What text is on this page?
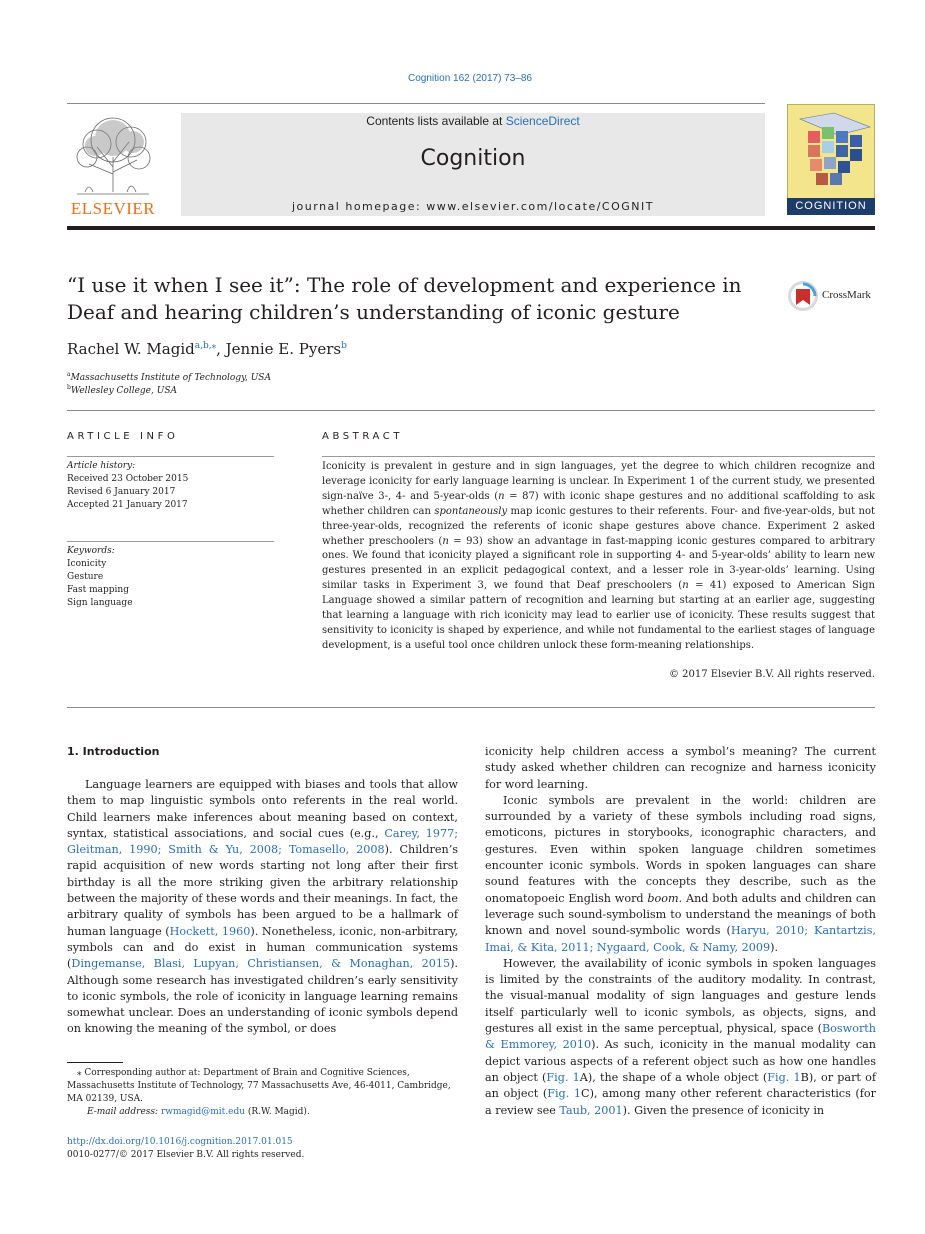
Cognition 162 (2017) 73–86
ELSEVIER
Contents lists available at ScienceDirect
Cognition
journal homepage: www.elsevier.com/locate/COGNIT	COGNITION
“I use it when I see it”: The role of development and experience in Deaf and hearing children’s understanding of iconic gesture
CrossMark
Rachel W. Magid$^{a,b,⁎}$, Jennie E. Pyers$^b$
$^a$Massachusetts Institute of Technology, USA
$^b$Wellesley College, USA
ARTICLE INFO
Article history:
Received 23 October 2015
Revised 6 January 2017
Accepted 21 January 2017
Keywords:
Iconicity
Gesture
Fast mapping
Sign language
ABSTRACT
Iconicity is prevalent in gesture and in sign languages, yet the degree to which children recognize and leverage iconicity for early language learning is unclear. In Experiment 1 of the current study, we presented sign-naïve 3-, 4- and 5-year-olds (n = 87) with iconic shape gestures and no additional scaffolding to ask whether children can spontaneously map iconic gestures to their referents. Four- and five-year-olds, but not three-year-olds, recognized the referents of iconic shape gestures above chance. Experiment 2 asked whether preschoolers (n = 93) show an advantage in fast-mapping iconic gestures compared to arbitrary ones. We found that iconicity played a significant role in supporting 4- and 5-year-olds’ ability to learn new gestures presented in an explicit pedagogical context, and a lesser role in 3-year-olds’ learning. Using similar tasks in Experiment 3, we found that Deaf preschoolers (n = 41) exposed to American Sign Language showed a similar pattern of recognition and learning but starting at an earlier age, suggesting that learning a language with rich iconicity may lead to earlier use of iconicity. These results suggest that sensitivity to iconicity is shaped by experience, and while not fundamental to the earliest stages of language development, is a useful tool once children unlock these form-meaning relationships.
© 2017 Elsevier B.V. All rights reserved.
1. Introduction

Language learners are equipped with biases and tools that allow them to map linguistic symbols onto referents in the real world. Child learners make inferences about meaning based on context, syntax, statistical associations, and social cues (e.g., Carey, 1977; Gleitman, 1990; Smith & Yu, 2008; Tomasello, 2008). Children’s rapid acquisition of new words starting not long after their first birthday is all the more striking given the arbitrary relationship between the majority of these words and their meanings. In fact, the arbitrary quality of symbols has been argued to be a hallmark of human language (Hockett, 1960). Nonetheless, iconic, non-arbitrary, symbols can and do exist in human communication systems (Dingemanse, Blasi, Lupyan, Christiansen, & Monaghan, 2015). Although some research has investigated children’s early sensitivity to iconic symbols, the role of iconicity in language learning remains somewhat unclear. Does an understanding of iconic symbols depend on knowing the meaning of the symbol, or does

iconicity help children access a symbol’s meaning? The current study asked whether children can recognize and harness iconicity for word learning.

Iconic symbols are prevalent in the world: children are surrounded by a variety of these symbols including road signs, emoticons, pictures in storybooks, iconographic characters, and gestures. Even within spoken language children sometimes encounter iconic symbols. Words in spoken languages can share sound features with the concepts they describe, such as the onomatopoeic English word boom. And both adults and children can leverage such sound-symbolism to understand the meanings of both known and novel sound-symbolic words (Haryu, 2010; Kantartzis, Imai, & Kita, 2011; Nygaard, Cook, & Namy, 2009).

However, the availability of iconic symbols in spoken languages is limited by the constraints of the auditory modality. In contrast, the visual-manual modality of sign languages and gesture lends itself particularly well to iconic symbols, as objects, signs, and gestures all exist in the same perceptual, physical, space (Bosworth & Emmorey, 2010). As such, iconicity in the manual modality can depict various aspects of a referent object such as how one handles an object (Fig. 1A), the shape of a whole object (Fig. 1B), or part of an object (Fig. 1C), among many other referent characteristics (for a review see Taub, 2001). Given the presence of iconicity in

⁎ Corresponding author at: Department of Brain and Cognitive Sciences, Massachusetts Institute of Technology, 77 Massachusetts Ave, 46-4011, Cambridge, MA 02139, USA.

E-mail address: rwmagid@mit.edu (R.W. Magid).

http://dx.doi.org/10.1016/j.cognition.2017.01.015
0010-0277/© 2017 Elsevier B.V. All rights reserved.
